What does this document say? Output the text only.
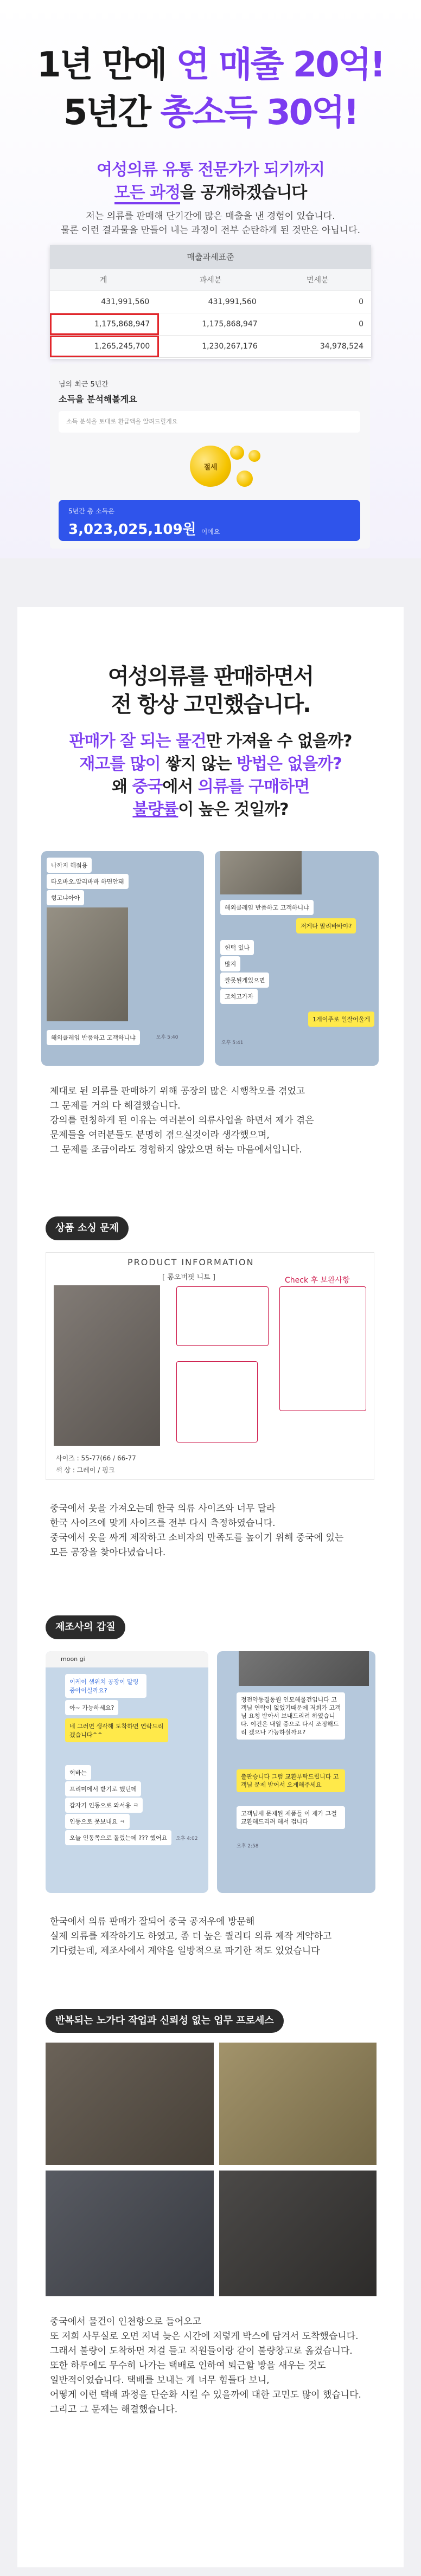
1년 만에 연 매출 20억!
5년간 총소득 30억!
여성의류 유통 전문가가 되기까지
모든 과정을 공개하겠습니다
저는 의류를 판매해 단기간에 많은 매출을 낸 경험이 있습니다.
물론 이런 결과물을 만들어 내는 과정이 전부 순탄하게 된 것만은 아닙니다.
매출과세표준
계	과세분	면세분
431,991,560	431,991,560	0
1,175,868,947	1,175,868,947	0
1,265,245,700	1,230,267,176	34,978,524
님의 최근 5년간
소득을 분석해볼게요
소득 분석을 토대로 환급액을 알려드릴게요
절세
5년간 총 소득은
3,023,025,109원 이에요
여성의류를 판매하면서
전 항상 고민했습니다.
판매가 잘 되는 물건만 가져올 수 없을까?
재고를 많이 쌓지 않는 방법은 없을까?
왜 중국에서 의류를 구매하면
불량률이 높은 것일까?
나까지 해줘용
타오바오,알리바바 하면안돼
헝고냐아아
해외클레임 반품하고 고객하니냐	오후 5:40
해외클레임 반품하고 고객하니냐
저게다 말리바바야?
헌턱 있나
많지
잘못된게있으면
고치고가자
1게이주로 일잘어울게
오후 5:41
제대로 된 의류를 판매하기 위해 공장의 많은 시행착오를 겪었고
그 문제를 거의 다 해결했습니다.
강의를 런칭하게 된 이유는 여러분이 의류사업을 하면서 제가 겪은
문제들을 여러분들도 분명히 겪으실것이라 생각했으며,
그 문제를 조금이라도 경험하지 않았으면 하는 마음에서입니다.
상품 소싱 문제
PRODUCT INFORMATION
[ 롱오버핏 니트 ]	Check 후 보완사항
사이즈 : 55-77(66 / 66-77
색 상 : 그레이 / 핑크
중국에서 옷을 가져오는데 한국 의류 사이즈와 너무 달라
한국 사이즈에 맞게 사이즈를 전부 다시 측정하였습니다.
중국에서 옷을 싸게 제작하고 소비자의 만족도를 높이기 위해 중국에 있는
모든 공장을 찾아다녔습니다.
제조사의 갑질
moon gi
이케이 샘위치 공장이 말링중아이실까요?
아~ 가능하세요?
네 그러면 생각해 도착하면 연락드리겠습니다^^
헉바는
프리미에서 받기로 했던데
갑자기 인동으로 와서용 ㅋ
인동으로 못보내요 ㅋ
오늘 인동쪽으로 돌렸는데 ??? 했어요	오후 4:02
정전약동결동원 인모해물건입니다 고객님 연락이 없었기때문에 저희가 고객님 요청 받아서 보내드리려 하였습니다. 이건은 내일 중으로 다시 조정해드리 겠으나 가능하실까요?
출판승니다 그럼 교환부탁드립니다 고객님 문제 받어서 오게해주세요
고객님세 문제된 제품들 이 제가 그걸 교환해드리려 해서 겁니다
오후 2:58
한국에서 의류 판매가 잘되어 중국 공저우에 방문해
실제 의류를 제작하기도 하였고, 좀 더 높은 퀄리티 의류 제작 계약하고
기다렸는데, 제조사에서 계약을 일방적으로 파기한 적도 있었습니다
반복되는 노가다 작업과 신뢰성 없는 업무 프로세스
중국에서 물건이 인천항으로 들어오고
또 저희 사무실로 오면 저녁 늦은 시간에 저렇게 박스에 담겨서 도착했습니다.
그래서 불량이 도착하면 저걸 들고 직원들이랑 같이 불량창고로 옮겼습니다.
또한 하루에도 무수히 나가는 택배로 인하여 퇴근할 방을 새우는 것도
일반적이었습니다. 택배를 보내는 게 너무 힘들다 보니,
어떻게 이런 택배 과정을 단순화 시킬 수 있을까에 대한 고민도 많이 했습니다.
그리고 그 문제는 해결했습니다.
